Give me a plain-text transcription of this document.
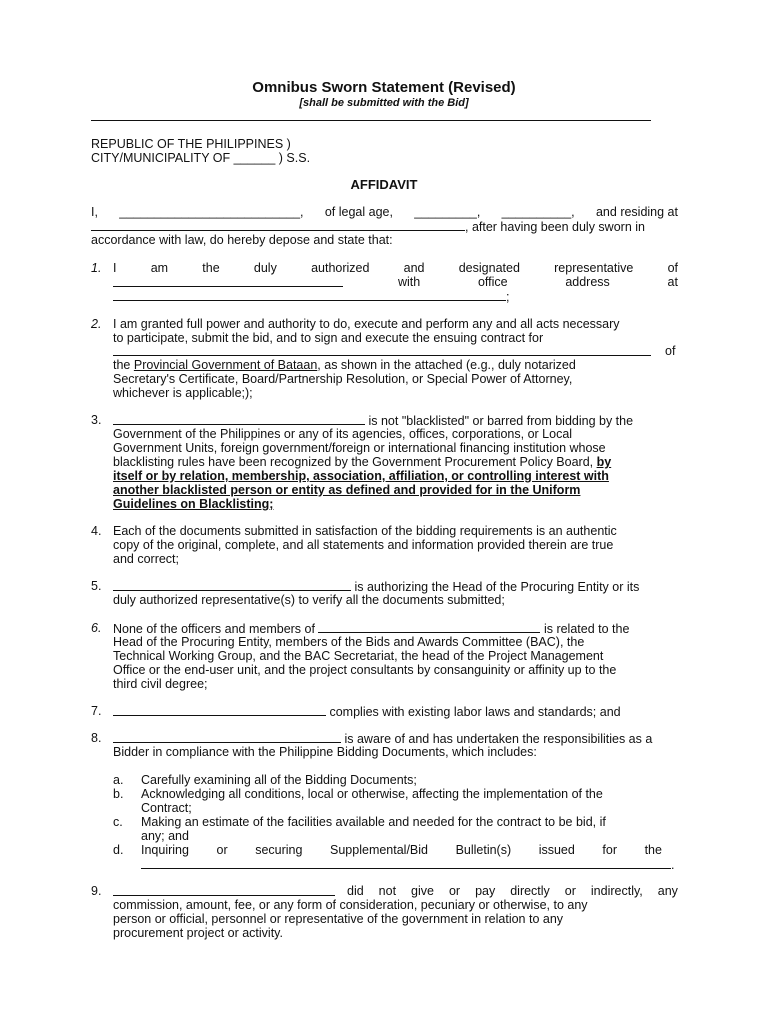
Omnibus Sworn Statement (Revised)
[shall be submitted with the Bid]
REPUBLIC OF THE PHILIPPINES )
CITY/MUNICIPALITY OF ______ ) S.S.
AFFIDAVIT
I, __________________________, of legal age, _________, __________, and residing at
, after having been duly sworn in
accordance with law, do hereby depose and state that:
1. I	am	the	duly	authorized	and	designated	representative	of
with	office	address	at
;
2. I am granted full power and authority to do, execute and perform any and all acts necessary
to participate, submit the bid, and to sign and execute the ensuing contract for
of
the Provincial Government of Bataan, as shown in the attached (e.g., duly notarized
Secretary's Certificate, Board/Partnership Resolution, or Special Power of Attorney,
whichever is applicable;);
3.	is not "blacklisted" or barred from bidding by the
Government of the Philippines or any of its agencies, offices, corporations, or Local
Government Units, foreign government/foreign or international financing institution whose
blacklisting rules have been recognized by the Government Procurement Policy Board, by
itself or by relation, membership, association, affiliation, or controlling interest with
another blacklisted person or entity as defined and provided for in the Uniform
Guidelines on Blacklisting;
4. Each of the documents submitted in satisfaction of the bidding requirements is an authentic
copy of the original, complete, and all statements and information provided therein are true
and correct;
5.	is authorizing the Head of the Procuring Entity or its
duly authorized representative(s) to verify all the documents submitted;
6. None of the officers and members of	is related to the
Head of the Procuring Entity, members of the Bids and Awards Committee (BAC), the
Technical Working Group, and the BAC Secretariat, the head of the Project Management
Office or the end-user unit, and the project consultants by consanguinity or affinity up to the
third civil degree;
7.	complies with existing labor laws and standards; and
8.	is aware of and has undertaken the responsibilities as a
Bidder in compliance with the Philippine Bidding Documents, which includes:
a. Carefully examining all of the Bidding Documents;
b. Acknowledging all conditions, local or otherwise, affecting the implementation of the
Contract;
c. Making an estimate of the facilities available and needed for the contract to be bid, if
any; and
d. Inquiring or securing Supplemental/Bid Bulletin(s) issued for the
.
9.	did not give or pay directly or indirectly, any
commission, amount, fee, or any form of consideration, pecuniary or otherwise, to any
person or official, personnel or representative of the government in relation to any
procurement project or activity.
